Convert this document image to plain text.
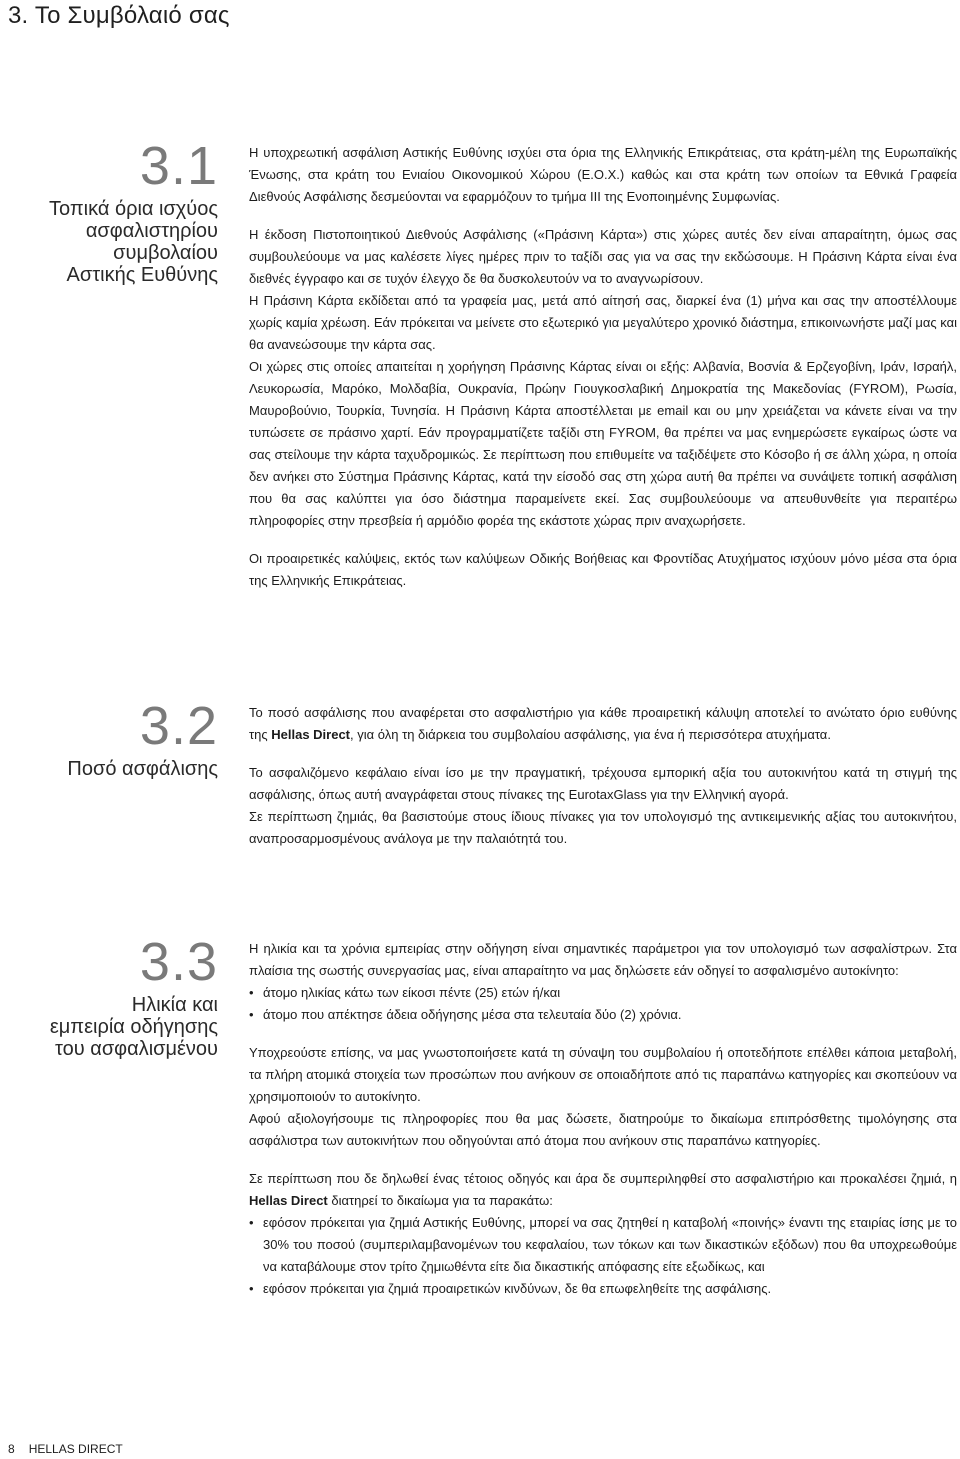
3. Το Συμβόλαιό σας
3.1
Τοπικά όρια ισχύος
ασφαλιστηρίου
συμβολαίου
Αστικής Ευθύνης

Η υποχρεωτική ασφάλιση Αστικής Ευθύνης ισχύει στα όρια της Ελληνικής Επικράτειας, στα κράτη-μέλη της Ευρωπαϊκής Ένωσης, στα κράτη του Ενιαίου Οικονομικού Χώρου (Ε.Ο.Χ.) καθώς και στα κράτη των οποίων τα Εθνικά Γραφεία Διεθνούς Ασφάλισης δεσμεύονται να εφαρμόζουν το τμήμα ΙΙΙ της Ενοποιημένης Συμφωνίας.

Η έκδοση Πιστοποιητικού Διεθνούς Ασφάλισης («Πράσινη Κάρτα») στις χώρες αυτές δεν είναι απαραίτητη, όμως σας συμβουλεύουμε να μας καλέσετε λίγες ημέρες πριν το ταξίδι σας για να σας την εκδώσουμε. Η Πράσινη Κάρτα είναι ένα διεθνές έγγραφο και σε τυχόν έλεγχο δε θα δυσκολευτούν να το αναγνωρίσουν.

Η Πράσινη Κάρτα εκδίδεται από τα γραφεία μας, μετά από αίτησή σας, διαρκεί ένα (1) μήνα και σας την αποστέλλουμε χωρίς καμία χρέωση. Εάν πρόκειται να μείνετε στο εξωτερικό για μεγαλύτερο χρονικό διάστημα, επικοινωνήστε μαζί μας και θα ανανεώσουμε την κάρτα σας.

Οι χώρες στις οποίες απαιτείται η χορήγηση Πράσινης Κάρτας είναι οι εξής: Αλβανία, Βοσνία & Ερζεγοβίνη, Ιράν, Ισραήλ, Λευκορωσία, Μαρόκο, Μολδαβία, Ουκρανία, Πρώην Γιουγκοσλαβική Δημοκρατία της Μακεδονίας (FYROM), Ρωσία, Μαυροβούνιο, Τουρκία, Τυνησία. Η Πράσινη Κάρτα αποστέλλεται με email και ου μην χρειάζεται να κάνετε είναι να την τυπώσετε σε πράσινο χαρτί. Εάν προγραμματίζετε ταξίδι στη FYROM, θα πρέπει να μας ενημερώσετε εγκαίρως ώστε να σας στείλουμε την κάρτα ταχυδρομικώς. Σε περίπτωση που επιθυμείτε να ταξιδέψετε στο Κόσοβο ή σε άλλη χώρα, η οποία δεν ανήκει στο Σύστημα Πράσινης Κάρτας, κατά την είσοδό σας στη χώρα αυτή θα πρέπει να συνάψετε τοπική ασφάλιση που θα σας καλύπτει για όσο διάστημα παραμείνετε εκεί. Σας συμβουλεύουμε να απευθυνθείτε για περαιτέρω πληροφορίες στην πρεσβεία ή αρμόδιο φορέα της εκάστοτε χώρας πριν αναχωρήσετε.

Οι προαιρετικές καλύψεις, εκτός των καλύψεων Οδικής Βοήθειας και Φροντίδας Ατυχήματος ισχύουν μόνο μέσα στα όρια της Ελληνικής Επικράτειας.

3.2
Ποσό ασφάλισης

Το ποσό ασφάλισης που αναφέρεται στο ασφαλιστήριο για κάθε προαιρετική κάλυψη αποτελεί το ανώτατο όριο ευθύνης της Hellas Direct, για όλη τη διάρκεια του συμβολαίου ασφάλισης, για ένα ή περισσότερα ατυχήματα.

Το ασφαλιζόμενο κεφάλαιο είναι ίσο με την πραγματική, τρέχουσα εμπορική αξία του αυτοκινήτου κατά τη στιγμή της ασφάλισης, όπως αυτή αναγράφεται στους πίνακες της EurotaxGlass για την Ελληνική αγορά.

Σε περίπτωση ζημιάς, θα βασιστούμε στους ίδιους πίνακες για τον υπολογισμό της αντικειμενικής αξίας του αυτοκινήτου, αναπροσαρμοσμένους ανάλογα με την παλαιότητά του.

3.3
Ηλικία και
εμπειρία οδήγησης
του ασφαλισμένου

Η ηλικία και τα χρόνια εμπειρίας στην οδήγηση είναι σημαντικές παράμετροι για τον υπολογισμό των ασφαλίστρων. Στα πλαίσια της σωστής συνεργασίας μας, είναι απαραίτητο να μας δηλώσετε εάν οδηγεί το ασφαλισμένο αυτοκίνητο:

• άτομο ηλικίας κάτω των είκοσι πέντε (25) ετών ή/και
• άτομο που απέκτησε άδεια οδήγησης μέσα στα τελευταία δύο (2) χρόνια.

Υποχρεούστε επίσης, να μας γνωστοποιήσετε κατά τη σύναψη του συμβολαίου ή οποτεδήποτε επέλθει κάποια μεταβολή, τα πλήρη ατομικά στοιχεία των προσώπων που ανήκουν σε οποιαδήποτε από τις παραπάνω κατηγορίες και σκοπεύουν να χρησιμοποιούν το αυτοκίνητο.

Αφού αξιολογήσουμε τις πληροφορίες που θα μας δώσετε, διατηρούμε το δικαίωμα επιπρόσθετης τιμολόγησης στα ασφάλιστρα των αυτοκινήτων που οδηγούνται από άτομα που ανήκουν στις παραπάνω κατηγορίες.

Σε περίπτωση που δε δηλωθεί ένας τέτοιος οδηγός και άρα δε συμπεριληφθεί στο ασφαλιστήριο και προκαλέσει ζημιά, η Hellas Direct διατηρεί το δικαίωμα για τα παρακάτω:

• εφόσον πρόκειται για ζημιά Αστικής Ευθύνης, μπορεί να σας ζητηθεί η καταβολή «ποινής» έναντι της εταιρίας ίσης με το 30% του ποσού (συμπεριλαμβανομένων του κεφαλαίου, των τόκων και των δικαστικών εξόδων) που θα υποχρεωθούμε να καταβάλουμε στον τρίτο ζημιωθέντα είτε δια δικαστικής απόφασης είτε εξωδίκως, και
• εφόσον πρόκειται για ζημιά προαιρετικών κινδύνων, δε θα επωφεληθείτε της ασφάλισης.
8 HELLAS DIRECT
